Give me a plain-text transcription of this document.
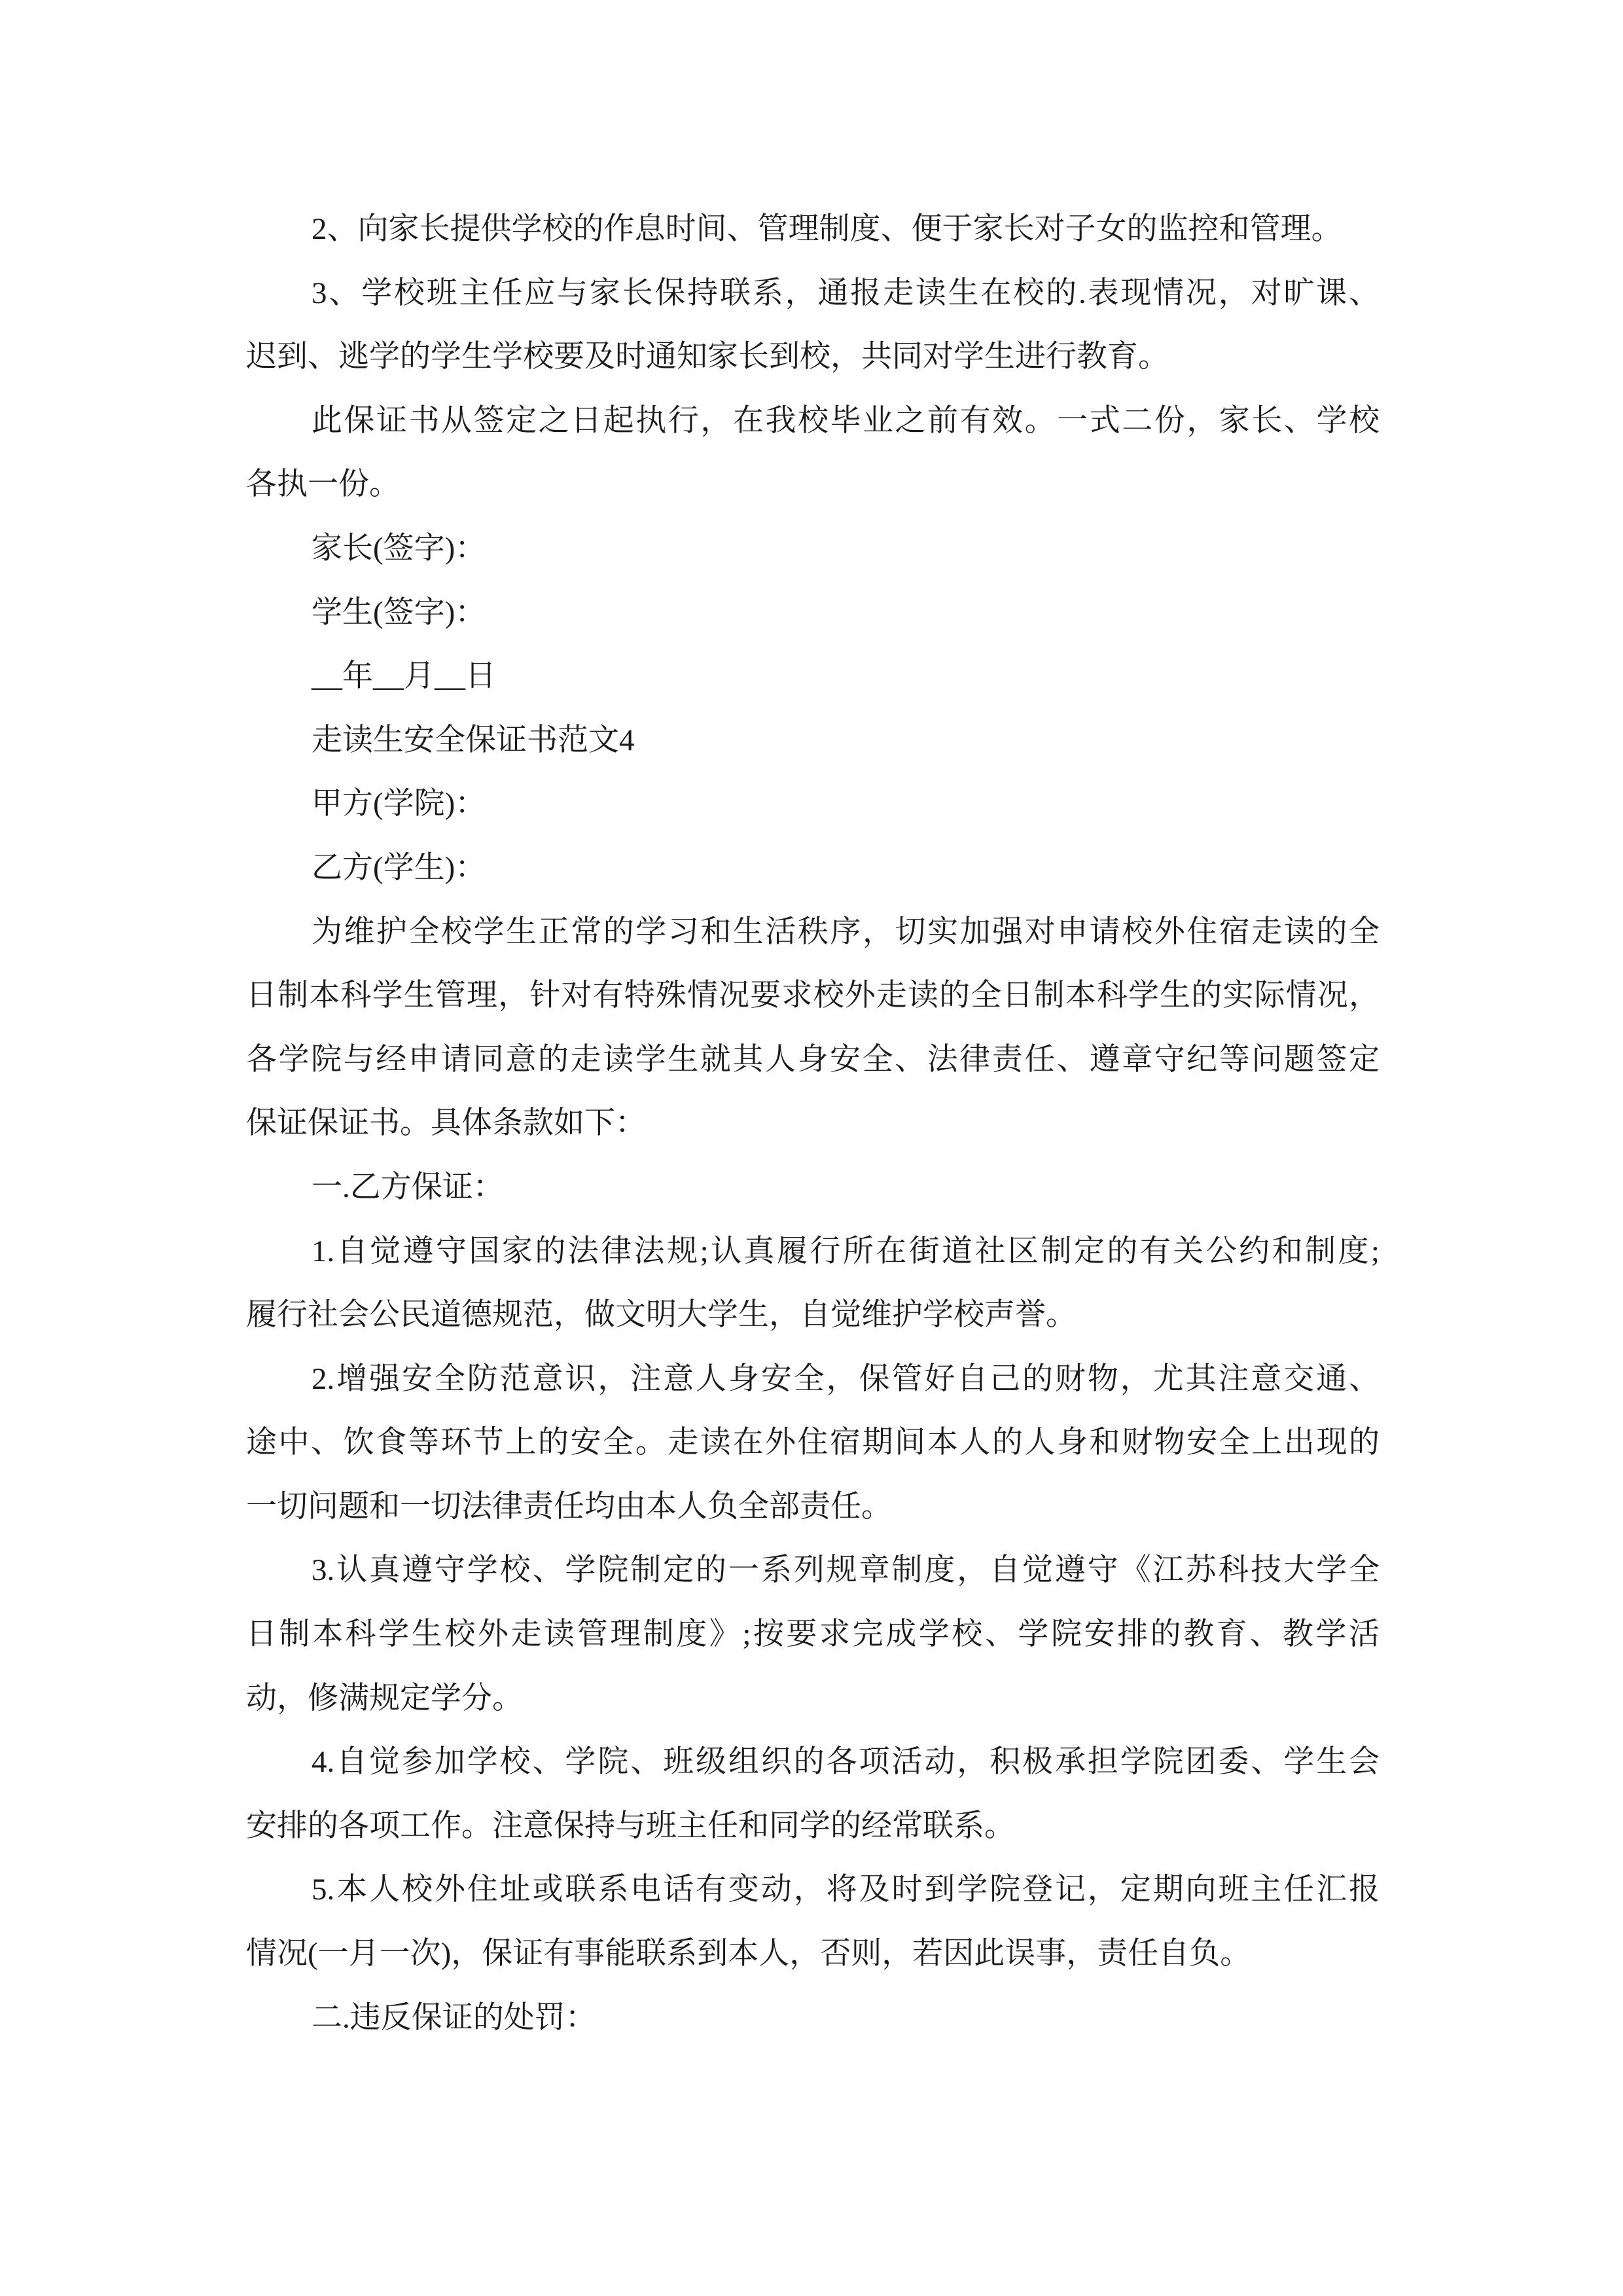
2、向家长提供学校的作息时间、管理制度、便于家长对子女的监控和管理。
3、学校班主任应与家长保持联系，通报走读生在校的.表现情况，对旷课、
迟到、逃学的学生学校要及时通知家长到校，共同对学生进行教育。
此保证书从签定之日起执行，在我校毕业之前有效。一式二份，家长、学校
各执一份。
家长(签字)：
学生(签字)：
__年__月__日
走读生安全保证书范文4
甲方(学院)：
乙方(学生)：
为维护全校学生正常的学习和生活秩序，切实加强对申请校外住宿走读的全
日制本科学生管理，针对有特殊情况要求校外走读的全日制本科学生的实际情况，
各学院与经申请同意的走读学生就其人身安全、法律责任、遵章守纪等问题签定
保证保证书。具体条款如下：
一.乙方保证：
1.自觉遵守国家的法律法规;认真履行所在街道社区制定的有关公约和制度;
履行社会公民道德规范，做文明大学生，自觉维护学校声誉。
2.增强安全防范意识，注意人身安全，保管好自己的财物，尤其注意交通、
途中、饮食等环节上的安全。走读在外住宿期间本人的人身和财物安全上出现的
一切问题和一切法律责任均由本人负全部责任。
3.认真遵守学校、学院制定的一系列规章制度，自觉遵守《江苏科技大学全
日制本科学生校外走读管理制度》;按要求完成学校、学院安排的教育、教学活
动，修满规定学分。
4.自觉参加学校、学院、班级组织的各项活动，积极承担学院团委、学生会
安排的各项工作。注意保持与班主任和同学的经常联系。
5.本人校外住址或联系电话有变动，将及时到学院登记，定期向班主任汇报
情况(一月一次)，保证有事能联系到本人，否则，若因此误事，责任自负。
二.违反保证的处罚：
